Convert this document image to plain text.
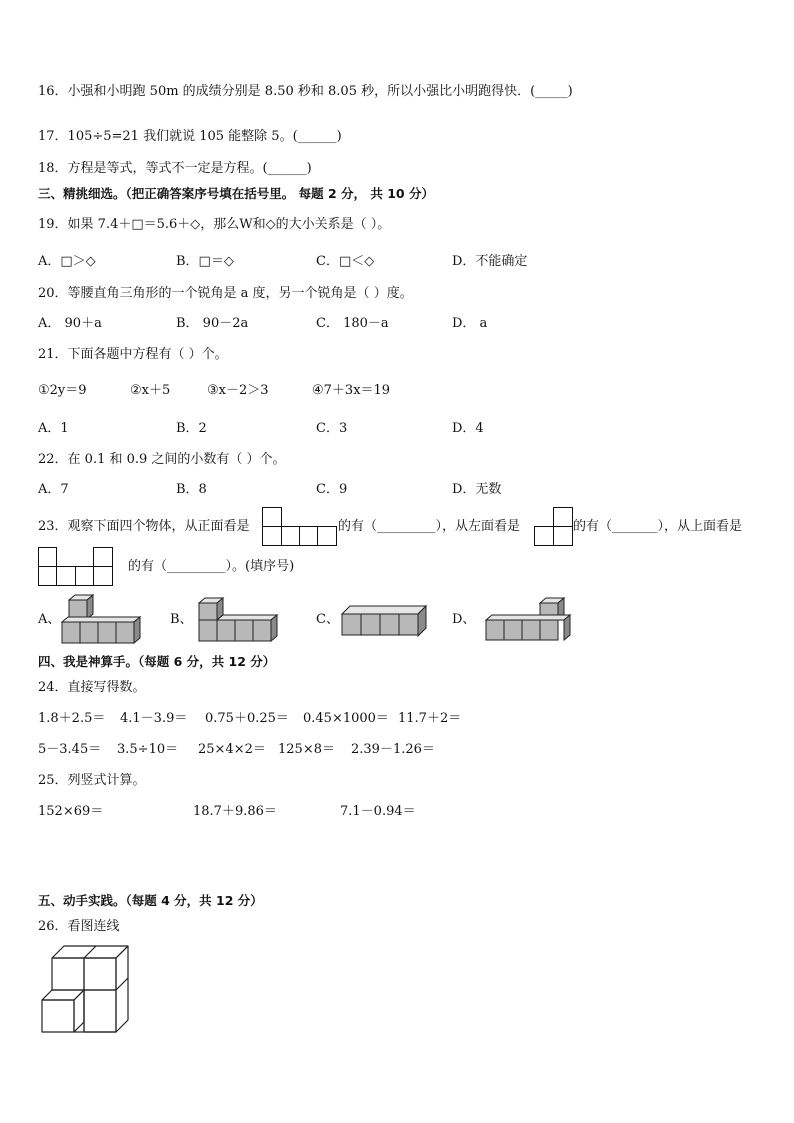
16．小强和小明跑 50m 的成绩分别是 8.50 秒和 8.05 秒，所以小强比小明跑得快．(_____)
17．105÷5=21 我们就说 105 能整除 5。(______)
18．方程是等式，等式不一定是方程。(______)
三、精挑细选。（把正确答案序号填在括号里。 每题 2 分， 共 10 分）
19．如果 7.4＋□＝5.6＋◇，那么W和◇的大小关系是（ ）。
A．□＞◇	B．□＝◇	C．□＜◇	D．不能确定
20．等腰直角三角形的一个锐角是 a 度，另一个锐角是（ ）度。
A． 90＋a	B． 90－2a	C． 180－a	D． a
21．下面各题中方程有（ ）个。
①2y＝9	②x＋5	③x－2＞3	④7＋3x＝19
A．1	B．2	C．3	D．4
22．在 0.1 和 0.9 之间的小数有（ ）个。
A．7	B．8	C．9	D．无数
23．观察下面四个物体，从正面看是	的有（_________），从左面看是	的有（_______），从上面看是
的有（_________）。(填序号)
A、	B、	C、	D、
四、我是神算手。（每题 6 分，共 12 分）
24．直接写得数。
1.8＋2.5＝ 4.1－3.9＝ 0.75＋0.25＝ 0.45×1000＝ 11.7＋2＝
5－3.45＝ 3.5÷10＝ 25×4×2＝ 125×8＝ 2.39－1.26＝
25．列竖式计算。
152×69＝	18.7＋9.86＝	7.1－0.94＝
五、动手实践。（每题 4 分，共 12 分）
26．看图连线
